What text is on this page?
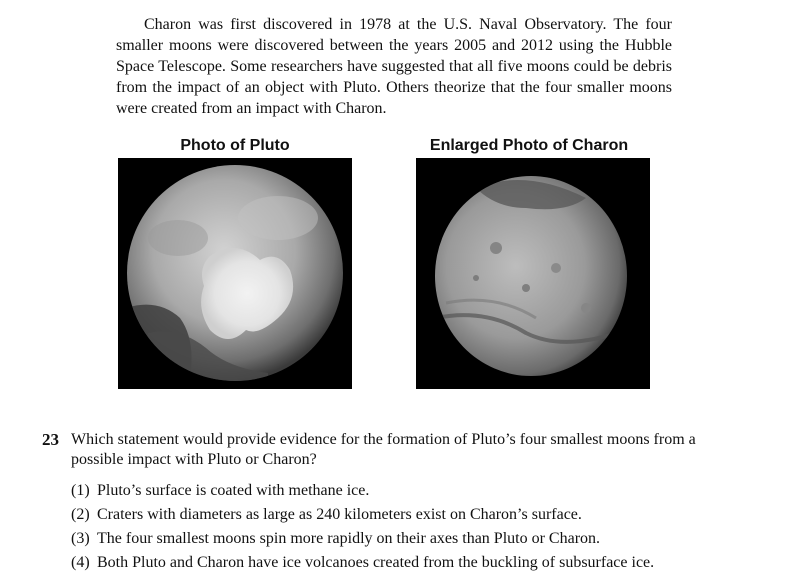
Charon was first discovered in 1978 at the U.S. Naval Observatory. The four smaller moons were discovered between the years 2005 and 2012 using the Hubble Space Telescope. Some researchers have suggested that all five moons could be debris from the impact of an object with Pluto. Others theorize that the four smaller moons were created from an impact with Charon.

Photo of Pluto	Enlarged Photo of Charon
23 Which statement would provide evidence for the formation of Pluto’s four smallest moons from a possible impact with Pluto or Charon?
(1) Pluto’s surface is coated with methane ice.
(2) Craters with diameters as large as 240 kilometers exist on Charon’s surface.
(3) The four smallest moons spin more rapidly on their axes than Pluto or Charon.
(4) Both Pluto and Charon have ice volcanoes created from the buckling of subsurface ice.
